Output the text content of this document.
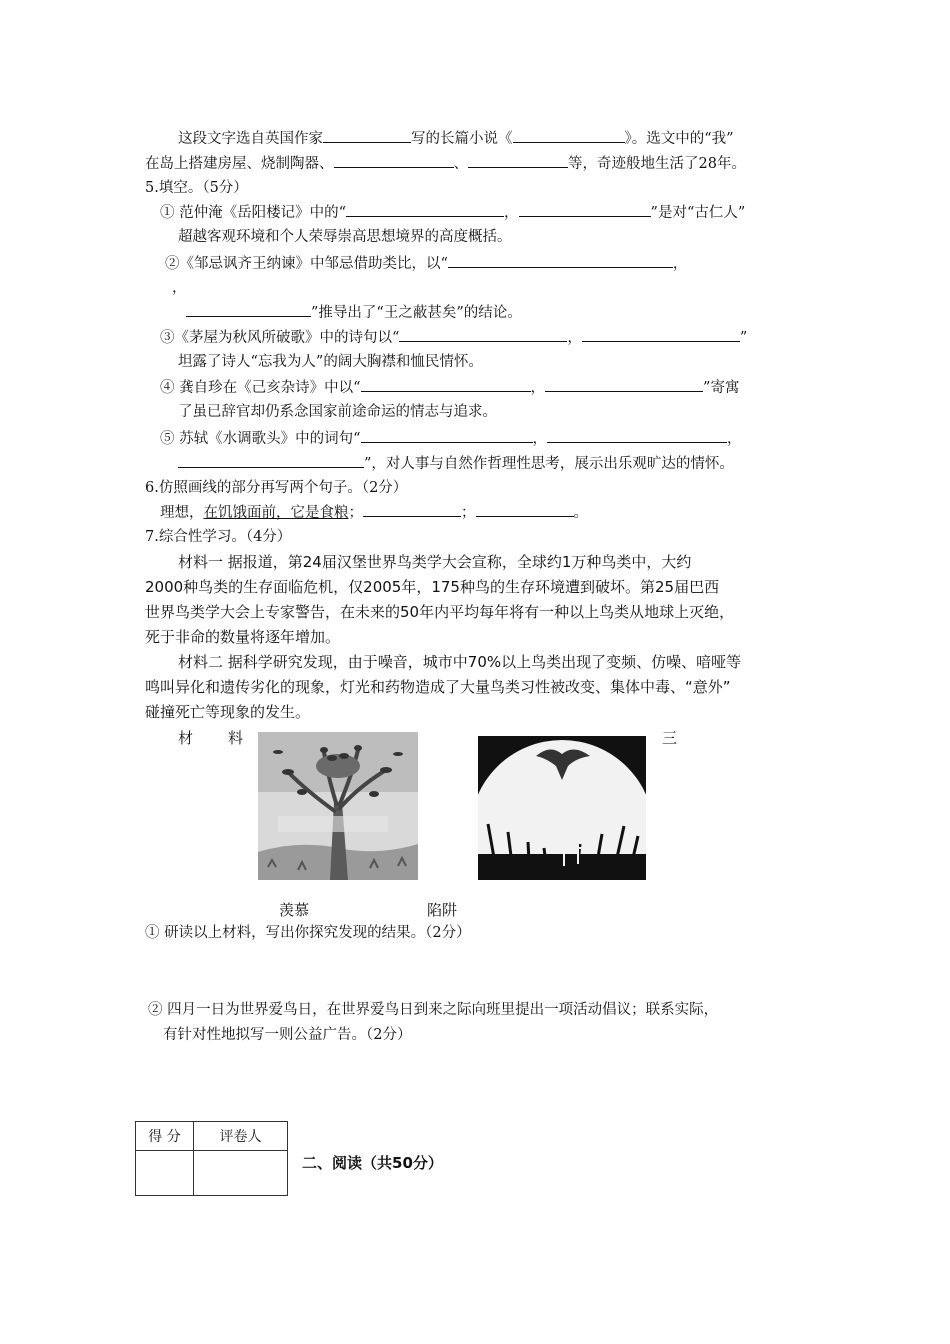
这段文字选自英国作家	写的长篇小说《	》。选文中的“我”
在岛上搭建房屋、烧制陶器、	、	等，奇迹般地生活了28年。
5.填空。（5分）
① 范仲淹《岳阳楼记》中的“	，	”是对“古仁人”
超越客观环境和个人荣辱崇高思想境界的高度概括。
②《邹忌讽齐王纳谏》中邹忌借助类比，以“	，
，
”推导出了“王之蔽甚矣”的结论。
③《茅屋为秋风所破歌》中的诗句以“	，	”
坦露了诗人“忘我为人”的阔大胸襟和恤民情怀。
④ 龚自珍在《己亥杂诗》中以“	，	”寄寓
了虽已辞官却仍系念国家前途命运的情志与追求。
⑤ 苏轼《水调歌头》中的词句“	，	，
”，对人事与自然作哲理性思考，展示出乐观旷达的情怀。
6.仿照画线的部分再写两个句子。（2分）
理想，在饥饿面前，它是食粮；	；	。
7.综合性学习。（4分）
材料一 据报道，第24届汉堡世界鸟类学大会宣称，全球约1万种鸟类中，大约
2000种鸟类的生存面临危机，仅2005年，175种鸟的生存环境遭到破坏。第25届巴西
世界鸟类学大会上专家警告，在未来的50年内平均每年将有一种以上鸟类从地球上灭绝，
死于非命的数量将逐年增加。
材料二 据科学研究发现，由于噪音，城市中70%以上鸟类出现了变频、仿噪、喑哑等
鸣叫异化和遗传劣化的现象，灯光和药物造成了大量鸟类习性被改变、集体中毒、“意外”
碰撞死亡等现象的发生。
材 料	三
羡慕	陷阱
① 研读以上材料，写出你探究发现的结果。（2分）
② 四月一日为世界爱鸟日，在世界爱鸟日到来之际向班里提出一项活动倡议；联系实际，
有针对性地拟写一则公益广告。（2分）
得 分	评卷人

二、阅读（共50分）
